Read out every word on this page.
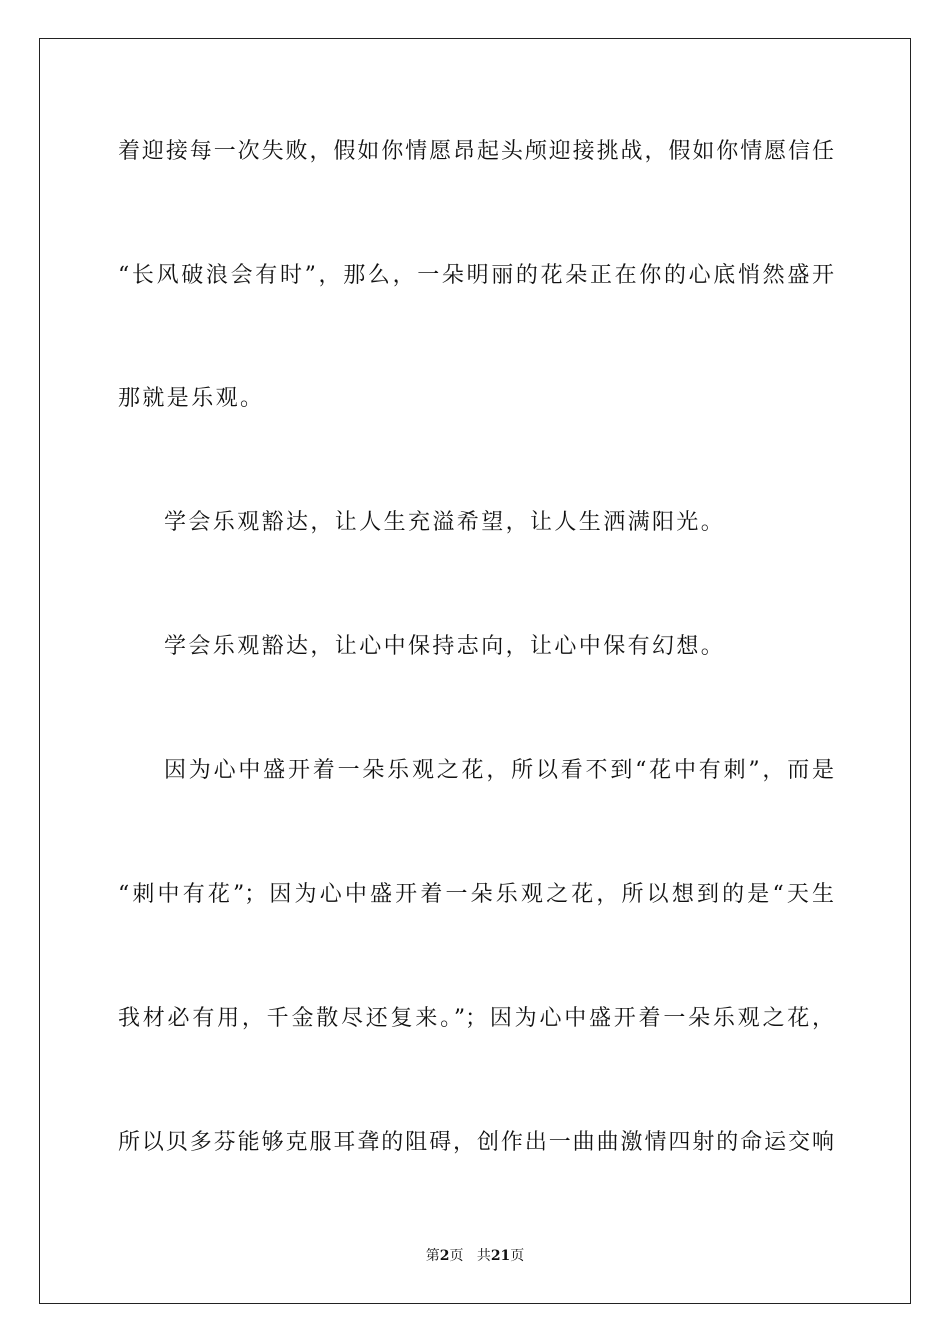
着迎接每一次失败，假如你情愿昂起头颅迎接挑战，假如你情愿信任
“长风破浪会有时”，那么，一朵明丽的花朵正在你的心底悄然盛开
那就是乐观。
学会乐观豁达，让人生充溢希望，让人生洒满阳光。
学会乐观豁达，让心中保持志向，让心中保有幻想。
因为心中盛开着一朵乐观之花，所以看不到“花中有刺”，而是
“刺中有花”；因为心中盛开着一朵乐观之花，所以想到的是“天生
我材必有用，千金散尽还复来。”；因为心中盛开着一朵乐观之花，
所以贝多芬能够克服耳聋的阻碍，创作出一曲曲激情四射的命运交响
第2页 共21页
